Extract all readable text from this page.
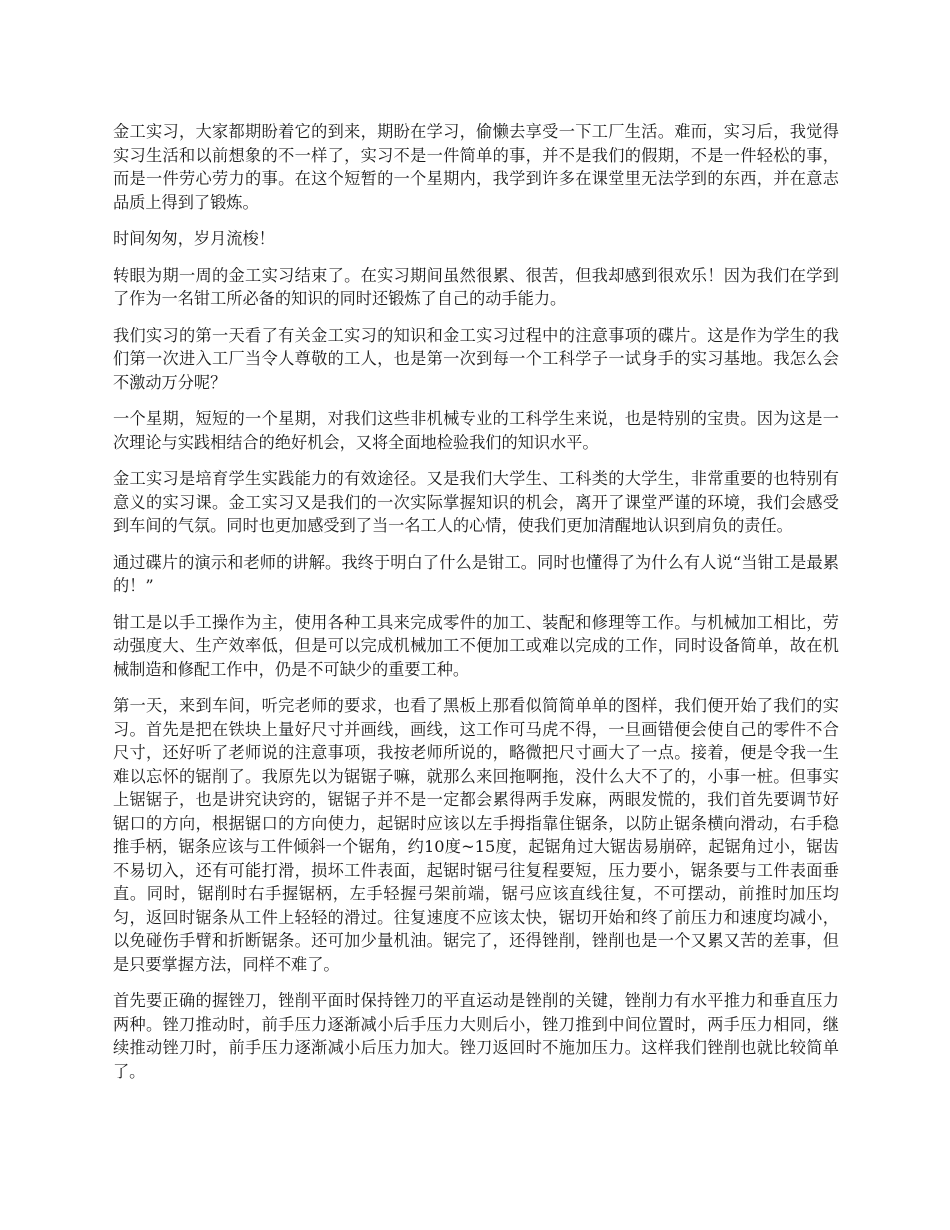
金工实习，大家都期盼着它的到来，期盼在学习，偷懒去享受一下工厂生活。难而，实习后，我觉得实习生活和以前想象的不一样了，实习不是一件简单的事，并不是我们的假期，不是一件轻松的事，而是一件劳心劳力的事。在这个短暂的一个星期内，我学到许多在课堂里无法学到的东西，并在意志品质上得到了锻炼。

时间匆匆，岁月流梭！

转眼为期一周的金工实习结束了。在实习期间虽然很累、很苦，但我却感到很欢乐！因为我们在学到了作为一名钳工所必备的知识的同时还锻炼了自己的动手能力。

我们实习的第一天看了有关金工实习的知识和金工实习过程中的注意事项的碟片。这是作为学生的我们第一次进入工厂当令人尊敬的工人，也是第一次到每一个工科学子一试身手的实习基地。我怎么会不激动万分呢？

一个星期，短短的一个星期，对我们这些非机械专业的工科学生来说，也是特别的宝贵。因为这是一次理论与实践相结合的绝好机会，又将全面地检验我们的知识水平。

金工实习是培育学生实践能力的有效途径。又是我们大学生、工科类的大学生，非常重要的也特别有意义的实习课。金工实习又是我们的一次实际掌握知识的机会，离开了课堂严谨的环境，我们会感受到车间的气氛。同时也更加感受到了当一名工人的心情，使我们更加清醒地认识到肩负的责任。

通过碟片的演示和老师的讲解。我终于明白了什么是钳工。同时也懂得了为什么有人说“当钳工是最累的！”

钳工是以手工操作为主，使用各种工具来完成零件的加工、装配和修理等工作。与机械加工相比，劳动强度大、生产效率低，但是可以完成机械加工不便加工或难以完成的工作，同时设备简单，故在机械制造和修配工作中，仍是不可缺少的重要工种。

第一天，来到车间，听完老师的要求，也看了黑板上那看似简简单单的图样，我们便开始了我们的实习。首先是把在铁块上量好尺寸并画线，画线，这工作可马虎不得，一旦画错便会使自己的零件不合尺寸，还好听了老师说的注意事项，我按老师所说的，略微把尺寸画大了一点。接着，便是令我一生难以忘怀的锯削了。我原先以为锯锯子嘛，就那么来回拖啊拖，没什么大不了的，小事一桩。但事实上锯锯子，也是讲究诀窍的，锯锯子并不是一定都会累得两手发麻，两眼发慌的，我们首先要调节好锯口的方向，根据锯口的方向使力，起锯时应该以左手拇指靠住锯条，以防止锯条横向滑动，右手稳推手柄，锯条应该与工件倾斜一个锯角，约10度~15度，起锯角过大锯齿易崩碎，起锯角过小，锯齿不易切入，还有可能打滑，损坏工件表面，起锯时锯弓往复程要短，压力要小，锯条要与工件表面垂直。同时，锯削时右手握锯柄，左手轻握弓架前端，锯弓应该直线往复，不可摆动，前推时加压均匀，返回时锯条从工件上轻轻的滑过。往复速度不应该太快，锯切开始和终了前压力和速度均减小，以免碰伤手臂和折断锯条。还可加少量机油。锯完了，还得锉削，锉削也是一个又累又苦的差事，但是只要掌握方法，同样不难了。

首先要正确的握锉刀，锉削平面时保持锉刀的平直运动是锉削的关键，锉削力有水平推力和垂直压力两种。锉刀推动时，前手压力逐渐减小后手压力大则后小，锉刀推到中间位置时，两手压力相同，继续推动锉刀时，前手压力逐渐减小后压力加大。锉刀返回时不施加压力。这样我们锉削也就比较简单了。
